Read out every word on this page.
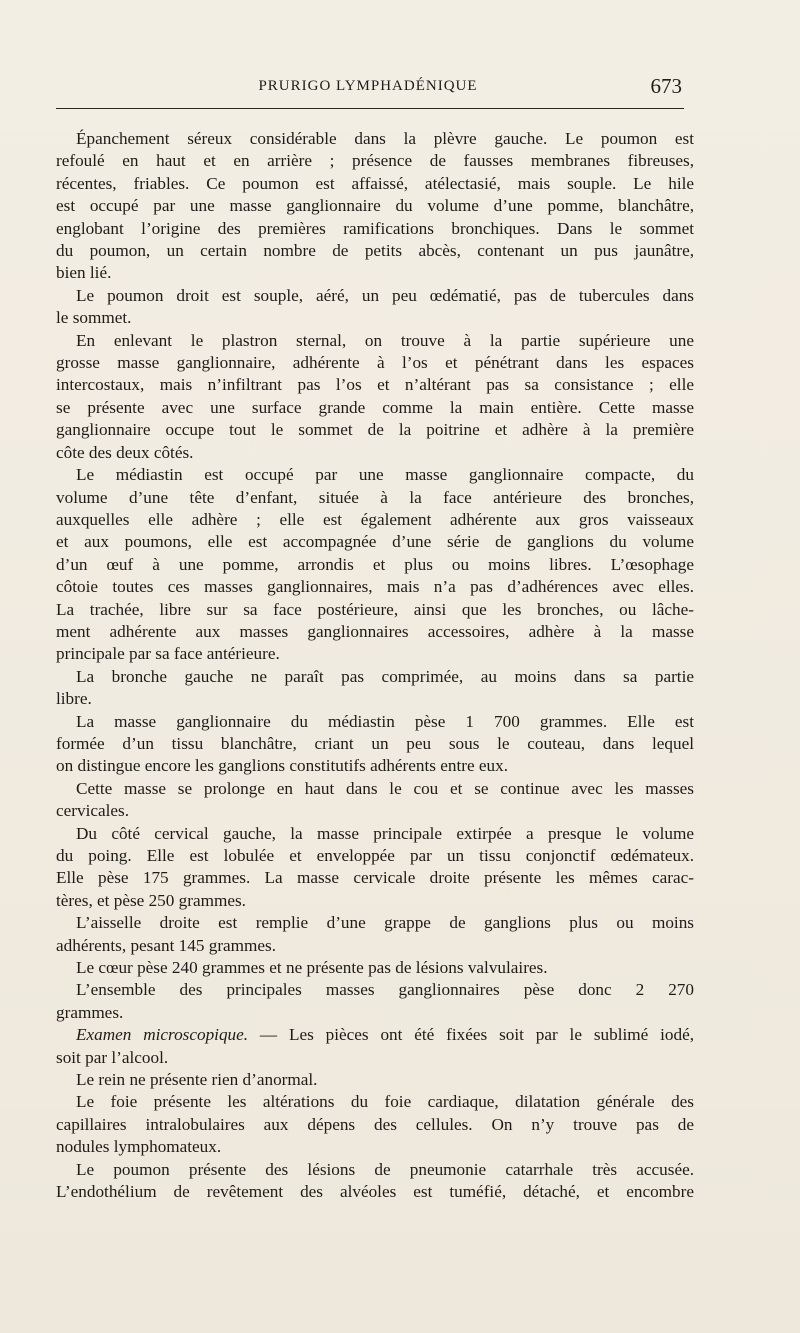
PRURIGO LYMPHADÉNIQUE	673
Épanchement séreux considérable dans la plèvre gauche. Le poumon est
refoulé en haut et en arrière ; présence de fausses membranes fibreuses,
récentes, friables. Ce poumon est affaissé, atélectasié, mais souple. Le hile
est occupé par une masse ganglionnaire du volume d’une pomme, blanchâtre,
englobant l’origine des premières ramifications bronchiques. Dans le sommet
du poumon, un certain nombre de petits abcès, contenant un pus jaunâtre,
bien lié.
Le poumon droit est souple, aéré, un peu œdématié, pas de tubercules dans
le sommet.
En enlevant le plastron sternal, on trouve à la partie supérieure une
grosse masse ganglionnaire, adhérente à l’os et pénétrant dans les espaces
intercostaux, mais n’infiltrant pas l’os et n’altérant pas sa consistance ; elle
se présente avec une surface grande comme la main entière. Cette masse
ganglionnaire occupe tout le sommet de la poitrine et adhère à la première
côte des deux côtés.
Le médiastin est occupé par une masse ganglionnaire compacte, du
volume d’une tête d’enfant, située à la face antérieure des bronches,
auxquelles elle adhère ; elle est également adhérente aux gros vaisseaux
et aux poumons, elle est accompagnée d’une série de ganglions du volume
d’un œuf à une pomme, arrondis et plus ou moins libres. L’œsophage
côtoie toutes ces masses ganglionnaires, mais n’a pas d’adhérences avec elles.
La trachée, libre sur sa face postérieure, ainsi que les bronches, ou lâche-
ment adhérente aux masses ganglionnaires accessoires, adhère à la masse
principale par sa face antérieure.
La bronche gauche ne paraît pas comprimée, au moins dans sa partie
libre.
La masse ganglionnaire du médiastin pèse 1 700 grammes. Elle est
formée d’un tissu blanchâtre, criant un peu sous le couteau, dans lequel
on distingue encore les ganglions constitutifs adhérents entre eux.
Cette masse se prolonge en haut dans le cou et se continue avec les masses
cervicales.
Du côté cervical gauche, la masse principale extirpée a presque le volume
du poing. Elle est lobulée et enveloppée par un tissu conjonctif œdémateux.
Elle pèse 175 grammes. La masse cervicale droite présente les mêmes carac-
tères, et pèse 250 grammes.
L’aisselle droite est remplie d’une grappe de ganglions plus ou moins
adhérents, pesant 145 grammes.
Le cœur pèse 240 grammes et ne présente pas de lésions valvulaires.
L’ensemble des principales masses ganglionnaires pèse donc 2 270
grammes.
Examen microscopique. — Les pièces ont été fixées soit par le sublimé iodé,
soit par l’alcool.
Le rein ne présente rien d’anormal.
Le foie présente les altérations du foie cardiaque, dilatation générale des
capillaires intralobulaires aux dépens des cellules. On n’y trouve pas de
nodules lymphomateux.
Le poumon présente des lésions de pneumonie catarrhale très accusée.
L’endothélium de revêtement des alvéoles est tuméfié, détaché, et encombre
